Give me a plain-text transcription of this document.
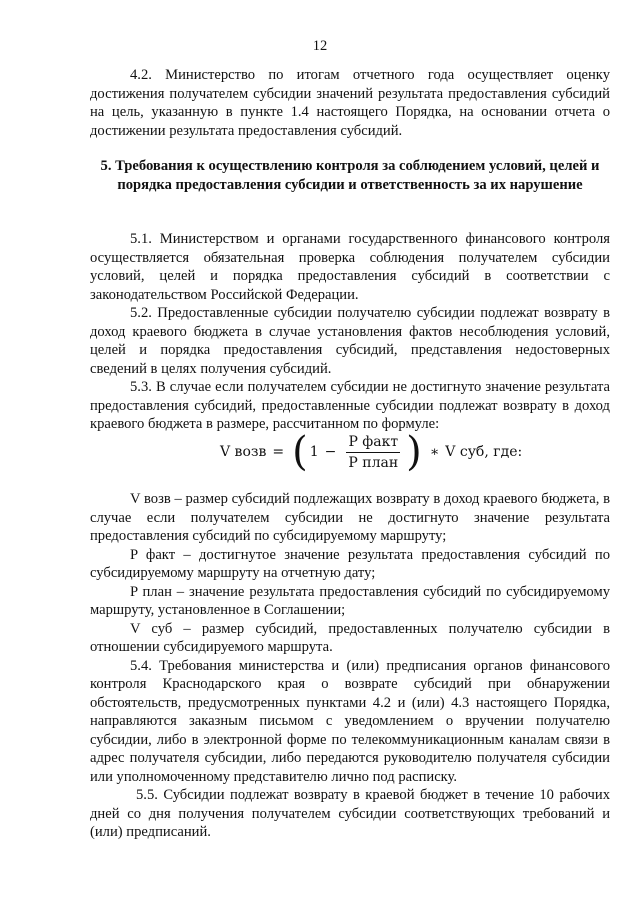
12

4.2. Министерство по итогам отчетного года осуществляет оценку достижения получателем субсидии значений результата предоставления субсидий на цель, указанную в пункте 1.4 настоящего Порядка, на основании отчета о достижении результата предоставления субсидий.

5. Требования к осуществлению контроля за соблюдением условий, целей и порядка предоставления субсидии и ответственность за их нарушение

5.1. Министерством и органами государственного финансового контроля осуществляется обязательная проверка соблюдения получателем субсидии условий, целей и порядка предоставления субсидий в соответствии с законодательством Российской Федерации.

5.2. Предоставленные субсидии получателю субсидии подлежат возврату в доход краевого бюджета в случае установления фактов несоблюдения условий, целей и порядка предоставления субсидий, представления недостоверных сведений в целях получения субсидий.

5.3. В случае если получателем субсидии не достигнуто значение результата предоставления субсидий, предоставленные субсидии подлежат возврату в доход краевого бюджета в размере, рассчитанном по формуле:

V возв = ( $1 - \frac{\text{P факт}}{\text{P план}}$ ) ∗ V суб, где:

V возв – размер субсидий подлежащих возврату в доход краевого бюджета, в случае если получателем субсидии не достигнуто значение результата предоставления субсидий по субсидируемому маршруту;

P факт – достигнутое значение результата предоставления субсидий по субсидируемому маршруту на отчетную дату;

P план – значение результата предоставления субсидий по субсидируемому маршруту, установленное в Соглашении;

V суб – размер субсидий, предоставленных получателю субсидии в отношении субсидируемого маршрута.

5.4. Требования министерства и (или) предписания органов финансового контроля Краснодарского края о возврате субсидий при обнаружении обстоятельств, предусмотренных пунктами 4.2 и (или) 4.3 настоящего Порядка, направляются заказным письмом с уведомлением о вручении получателю субсидии, либо в электронной форме по телекоммуникационным каналам связи в адрес получателя субсидии, либо передаются руководителю получателя субсидии или уполномоченному представителю лично под расписку.

5.5. Субсидии подлежат возврату в краевой бюджет в течение 10 рабочих дней со дня получения получателем субсидии соответствующих требований и (или) предписаний.
